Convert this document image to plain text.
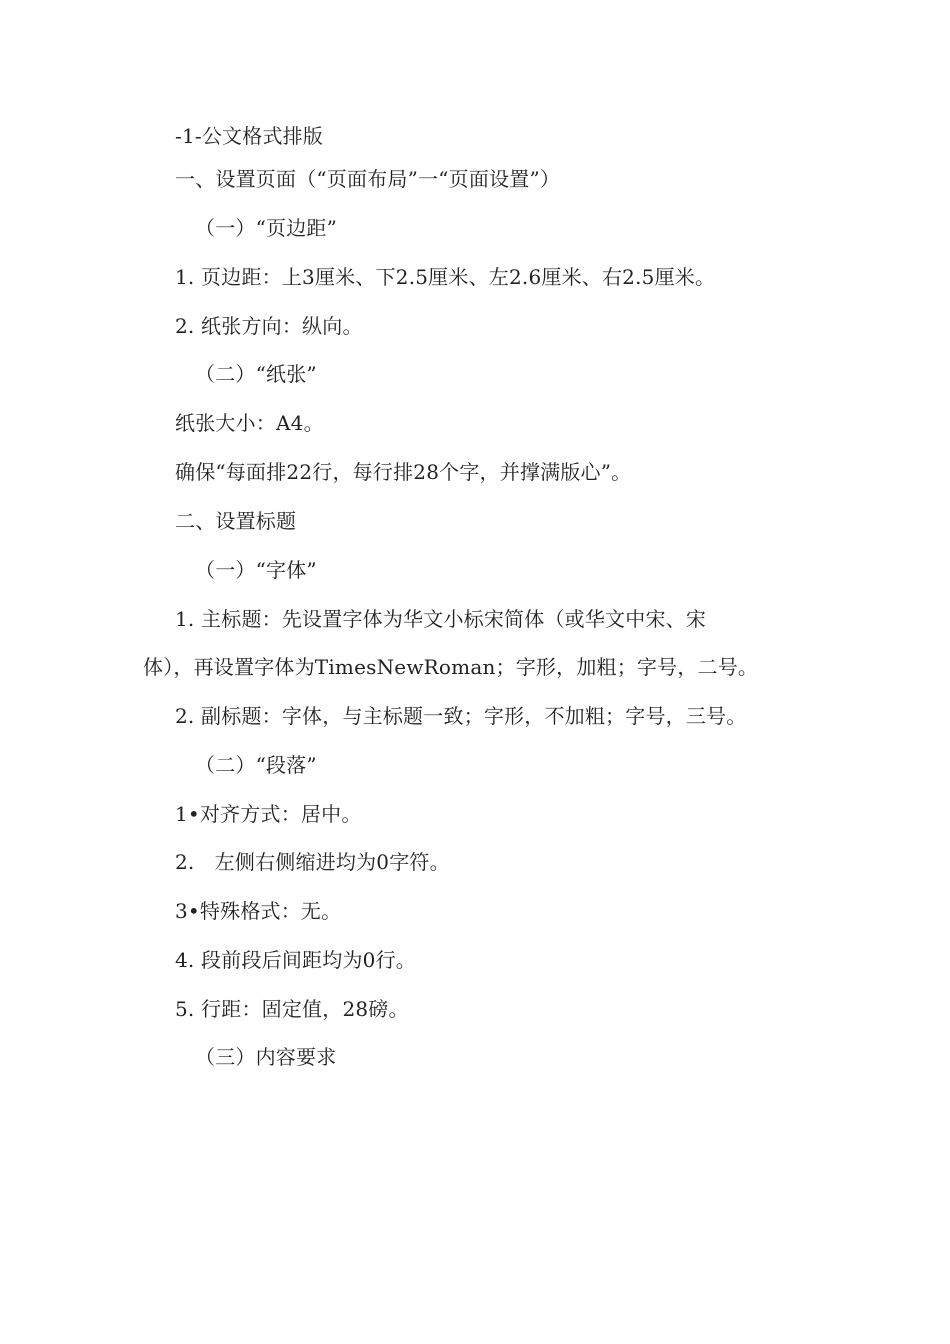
-1-公文格式排版
一、设置页面（“页面布局”一“页面设置”）
（一）“页边距”
1. 页边距：上3厘米、下2.5厘米、左2.6厘米、右2.5厘米。
2. 纸张方向：纵向。
（二）“纸张”
纸张大小：A4。
确保“每面排22行，每行排28个字，并撑满版心”。
二、设置标题
（一）“字体”
1. 主标题：先设置字体为华文小标宋简体（或华文中宋、宋
体），再设置字体为TimesNewRoman；字形，加粗；字号，二号。
2. 副标题：字体，与主标题一致；字形，不加粗；字号，三号。
（二）“段落”
1•对齐方式：居中。
2.　左侧右侧缩进均为0字符。
3•特殊格式：无。
4. 段前段后间距均为0行。
5. 行距：固定值，28磅。
（三）内容要求
